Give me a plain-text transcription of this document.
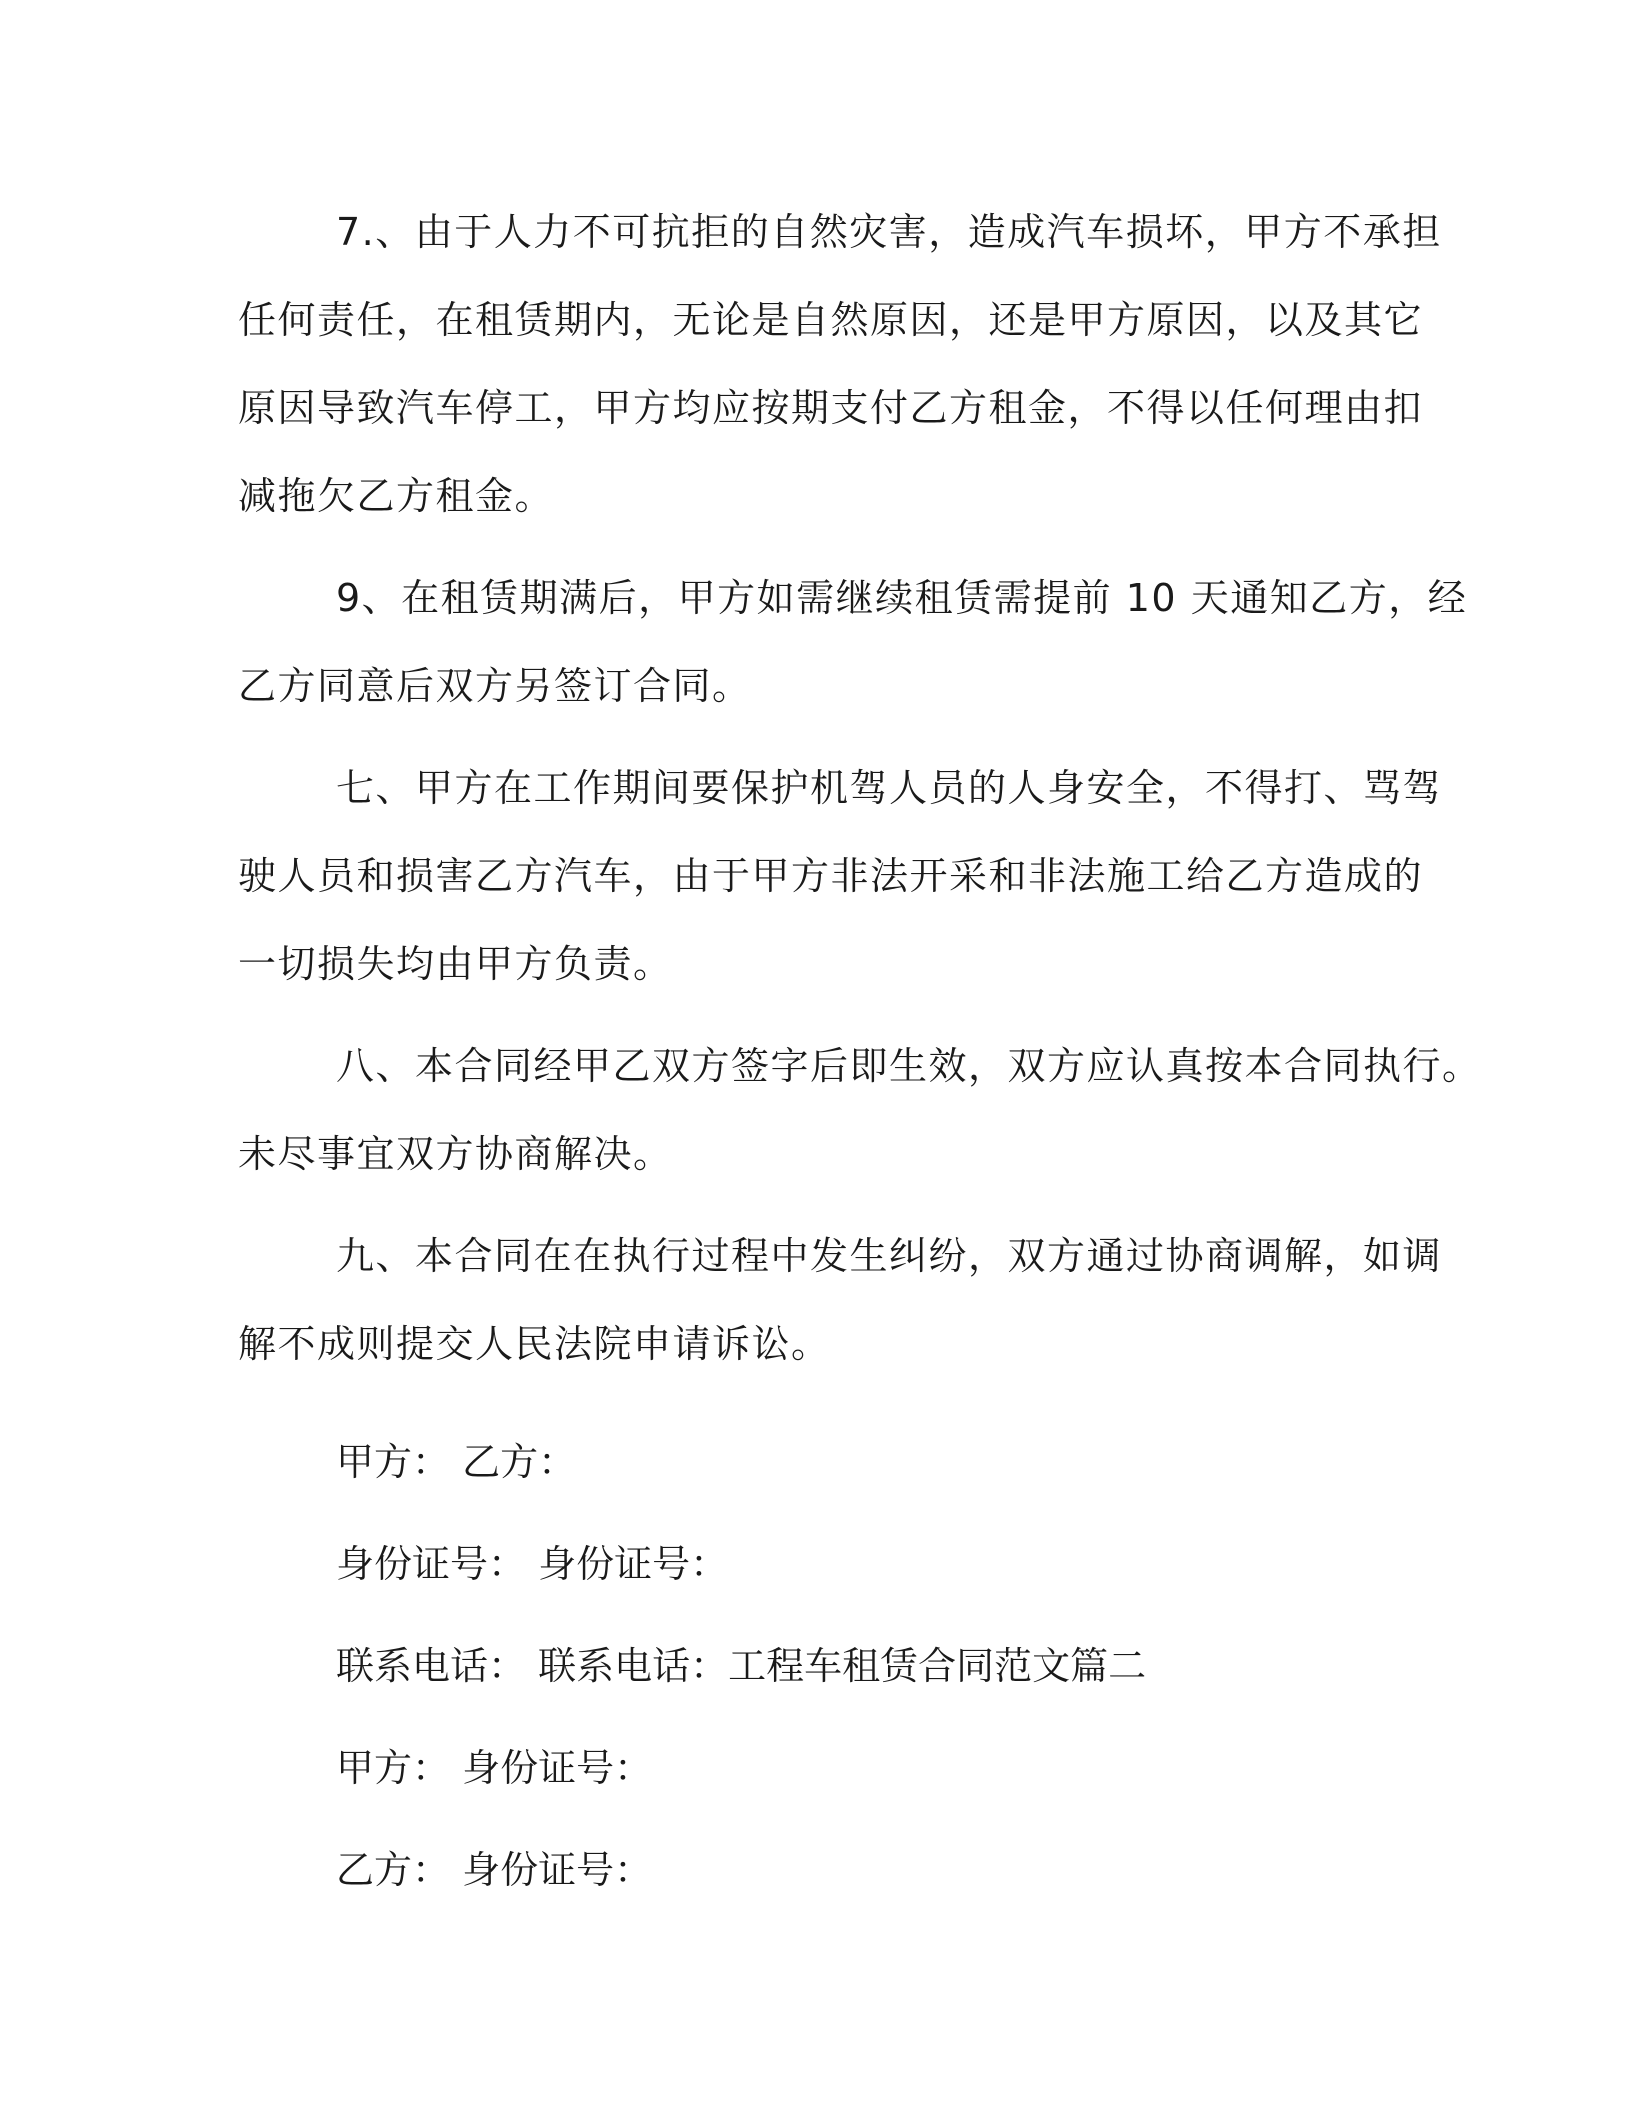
7.、由于人力不可抗拒的自然灾害，造成汽车损坏，甲方不承担
任何责任，在租赁期内，无论是自然原因，还是甲方原因，以及其它
原因导致汽车停工，甲方均应按期支付乙方租金，不得以任何理由扣
减拖欠乙方租金。

9、在租赁期满后，甲方如需继续租赁需提前 10 天通知乙方，经
乙方同意后双方另签订合同。

七、甲方在工作期间要保护机驾人员的人身安全，不得打、骂驾
驶人员和损害乙方汽车，由于甲方非法开采和非法施工给乙方造成的
一切损失均由甲方负责。

八、本合同经甲乙双方签字后即生效，双方应认真按本合同执行。
未尽事宜双方协商解决。

九、本合同在在执行过程中发生纠纷，双方通过协商调解，如调
解不成则提交人民法院申请诉讼。

甲方： 乙方：

身份证号： 身份证号：

联系电话： 联系电话：工程车租赁合同范文篇二

甲方： 身份证号：

乙方： 身份证号：
